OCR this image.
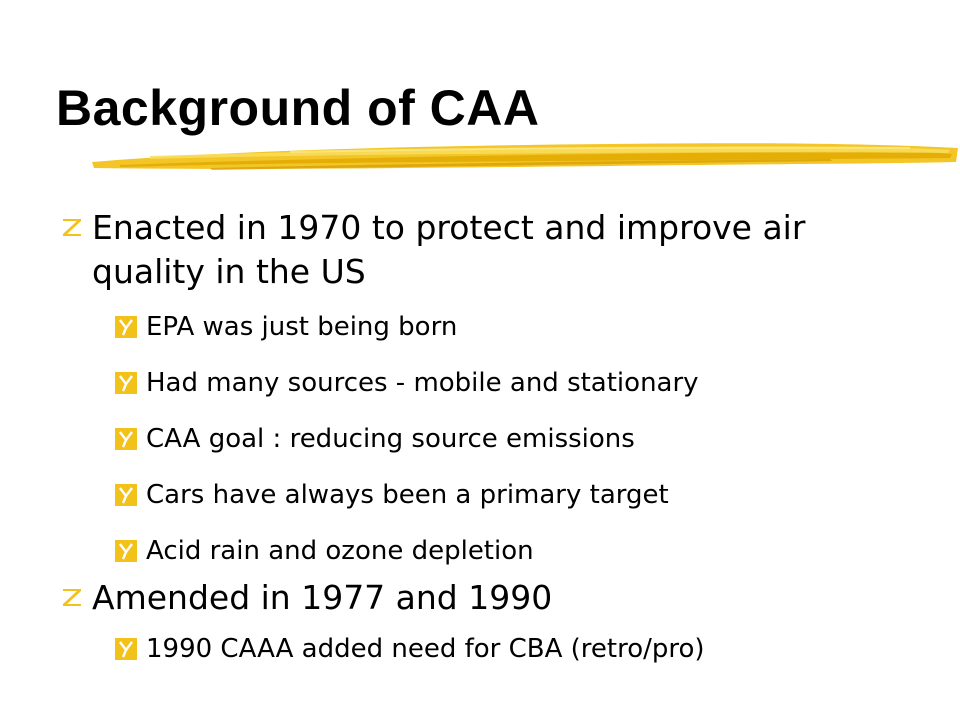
Background of CAA
Enacted in 1970 to protect and improve air quality in the US
EPA was just being born
Had many sources - mobile and stationary
CAA goal : reducing source emissions
Cars have always been a primary target
Acid rain and ozone depletion
Amended in 1977 and 1990
1990 CAAA added need for CBA (retro/pro)
